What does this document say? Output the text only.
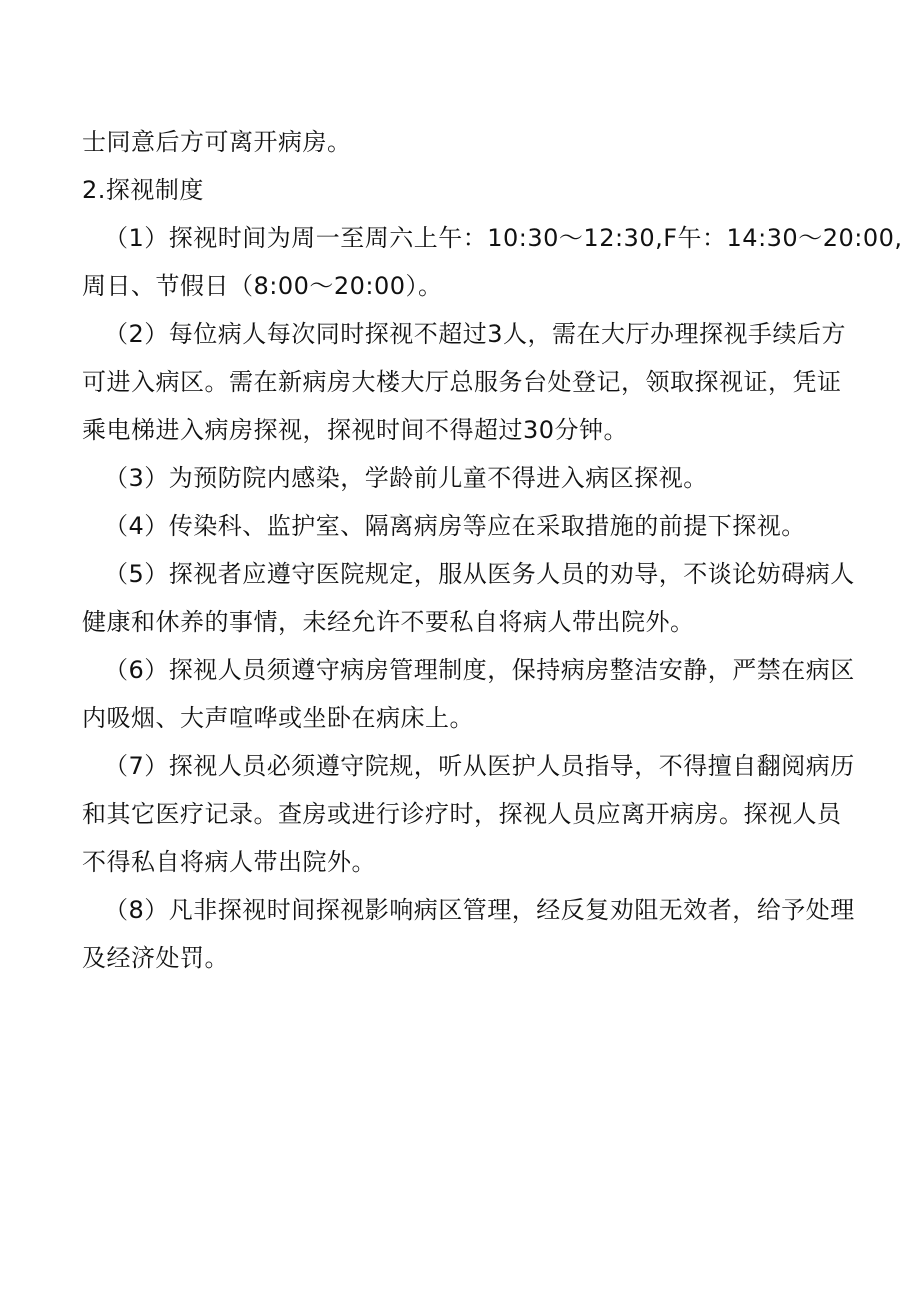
士同意后方可离开病房。
2.探视制度
（1）探视时间为周一至周六上午：10:30～12:30,F午：14:30～20:00,
周日、节假日（8:00～20:00）。
（2）每位病人每次同时探视不超过3人，需在大厅办理探视手续后方
可进入病区。需在新病房大楼大厅总服务台处登记，领取探视证，凭证
乘电梯进入病房探视，探视时间不得超过30分钟。
（3）为预防院内感染，学龄前儿童不得进入病区探视。
（4）传染科、监护室、隔离病房等应在采取措施的前提下探视。
（5）探视者应遵守医院规定，服从医务人员的劝导，不谈论妨碍病人
健康和休养的事情，未经允许不要私自将病人带出院外。
（6）探视人员须遵守病房管理制度，保持病房整洁安静，严禁在病区
内吸烟、大声喧哗或坐卧在病床上。
（7）探视人员必须遵守院规，听从医护人员指导，不得擅自翻阅病历
和其它医疗记录。查房或进行诊疗时，探视人员应离开病房。探视人员
不得私自将病人带出院外。
（8）凡非探视时间探视影响病区管理，经反复劝阻无效者，给予处理
及经济处罚。
